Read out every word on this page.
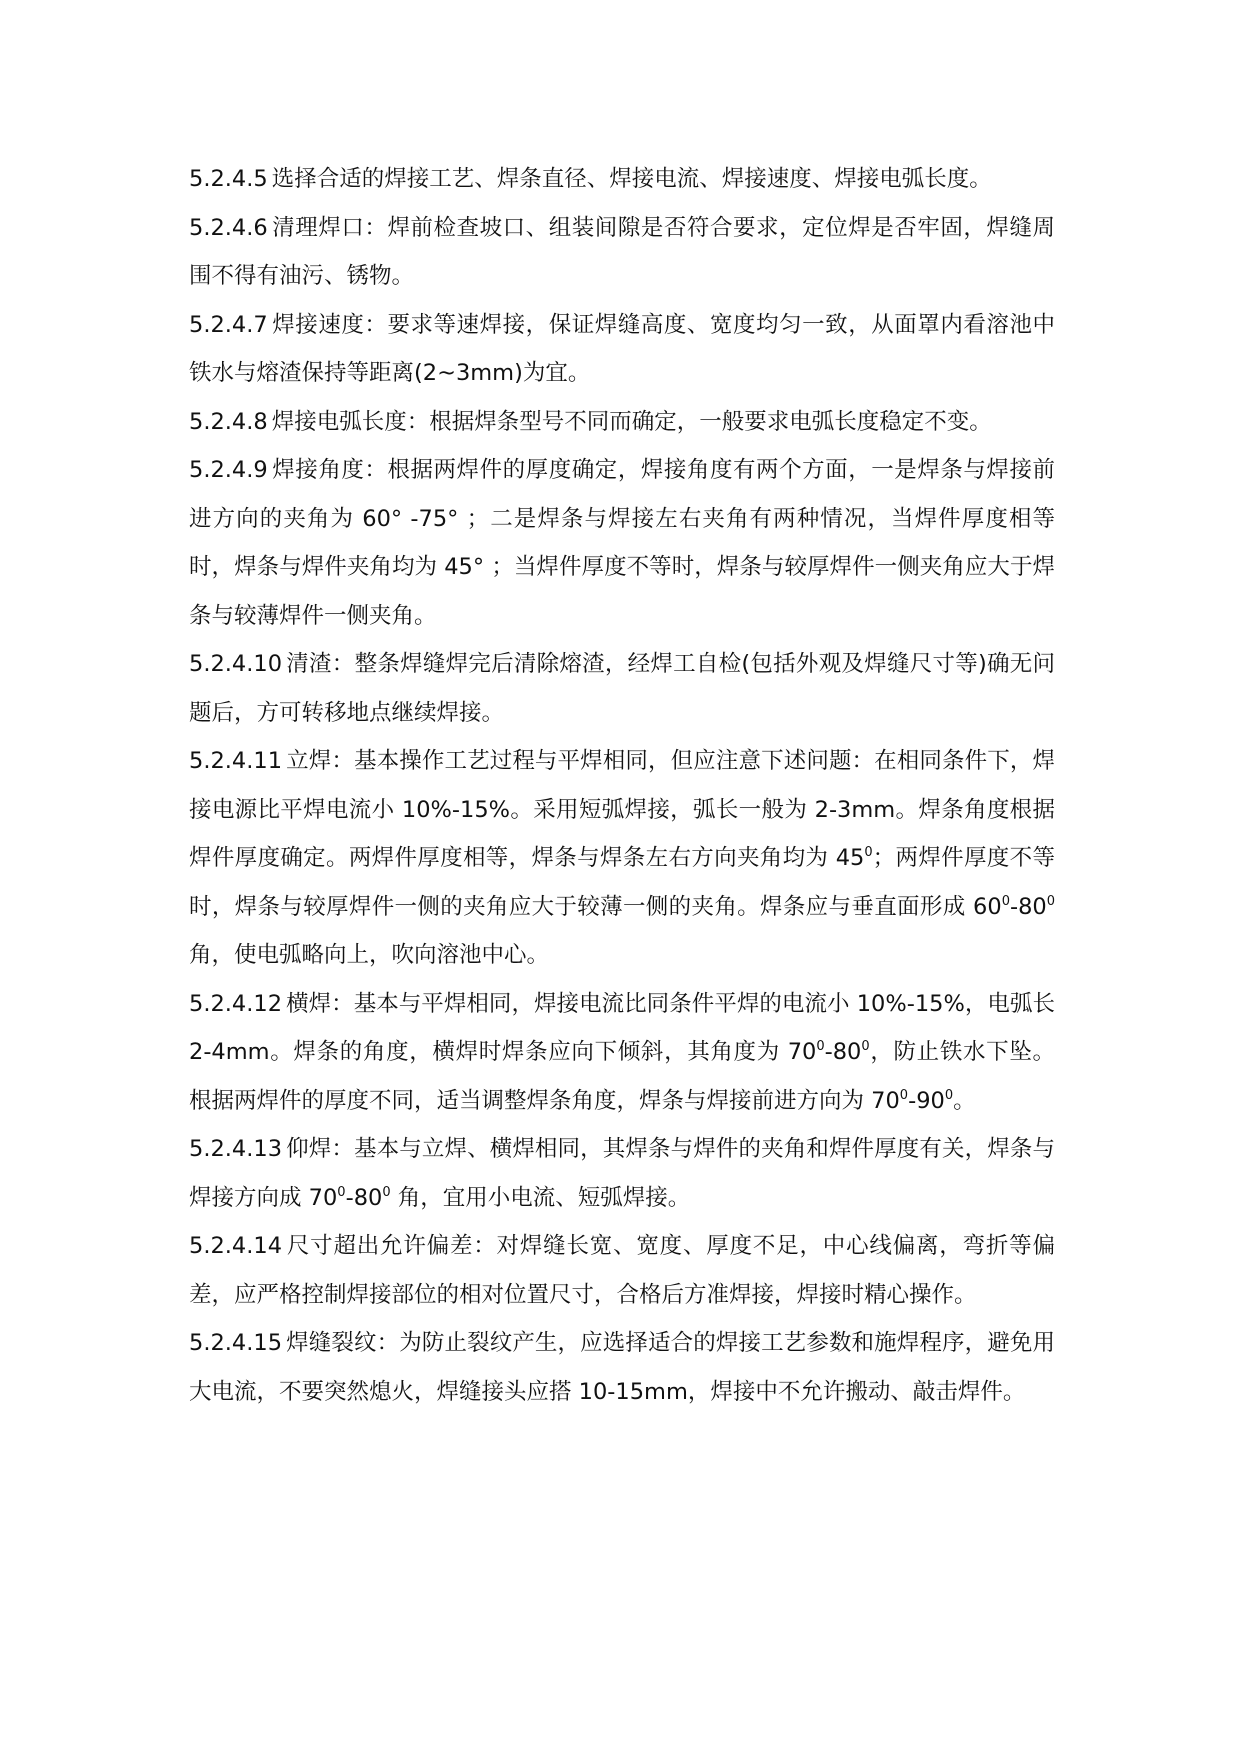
5.2.4.5 选择合适的焊接工艺、焊条直径、焊接电流、焊接速度、焊接电弧长度。

5.2.4.6 清理焊口：焊前检查坡口、组装间隙是否符合要求，定位焊是否牢固，焊缝周围不得有油污、锈物。

5.2.4.7 焊接速度：要求等速焊接，保证焊缝高度、宽度均匀一致，从面罩内看溶池中铁水与熔渣保持等距离(2~3mm)为宜。

5.2.4.8 焊接电弧长度：根据焊条型号不同而确定，一般要求电弧长度稳定不变。

5.2.4.9 焊接角度：根据两焊件的厚度确定，焊接角度有两个方面，一是焊条与焊接前进方向的夹角为 60° -75° ；二是焊条与焊接左右夹角有两种情况，当焊件厚度相等时，焊条与焊件夹角均为 45° ；当焊件厚度不等时，焊条与较厚焊件一侧夹角应大于焊条与较薄焊件一侧夹角。

5.2.4.10 清渣：整条焊缝焊完后清除熔渣，经焊工自检(包括外观及焊缝尺寸等)确无问题后，方可转移地点继续焊接。

5.2.4.11 立焊：基本操作工艺过程与平焊相同，但应注意下述问题：在相同条件下，焊接电源比平焊电流小 10%-15%。采用短弧焊接，弧长一般为 2-3mm。焊条角度根据焊件厚度确定。两焊件厚度相等，焊条与焊条左右方向夹角均为 $45^0$；两焊件厚度不等时，焊条与较厚焊件一侧的夹角应大于较薄一侧的夹角。焊条应与垂直面形成 $60^0-80^0$ 角，使电弧略向上，吹向溶池中心。

5.2.4.12 横焊：基本与平焊相同，焊接电流比同条件平焊的电流小 10%-15%，电弧长 2-4mm。焊条的角度，横焊时焊条应向下倾斜，其角度为 $70^0-80^0$，防止铁水下坠。根据两焊件的厚度不同，适当调整焊条角度，焊条与焊接前进方向为 $70^0-90^0$。

5.2.4.13 仰焊：基本与立焊、横焊相同，其焊条与焊件的夹角和焊件厚度有关，焊条与焊接方向成 $70^0-80^0$ 角，宜用小电流、短弧焊接。

5.2.4.14 尺寸超出允许偏差：对焊缝长宽、宽度、厚度不足，中心线偏离，弯折等偏差，应严格控制焊接部位的相对位置尺寸，合格后方准焊接，焊接时精心操作。

5.2.4.15 焊缝裂纹：为防止裂纹产生，应选择适合的焊接工艺参数和施焊程序，避免用大电流，不要突然熄火，焊缝接头应搭 10-15mm，焊接中不允许搬动、敲击焊件。
